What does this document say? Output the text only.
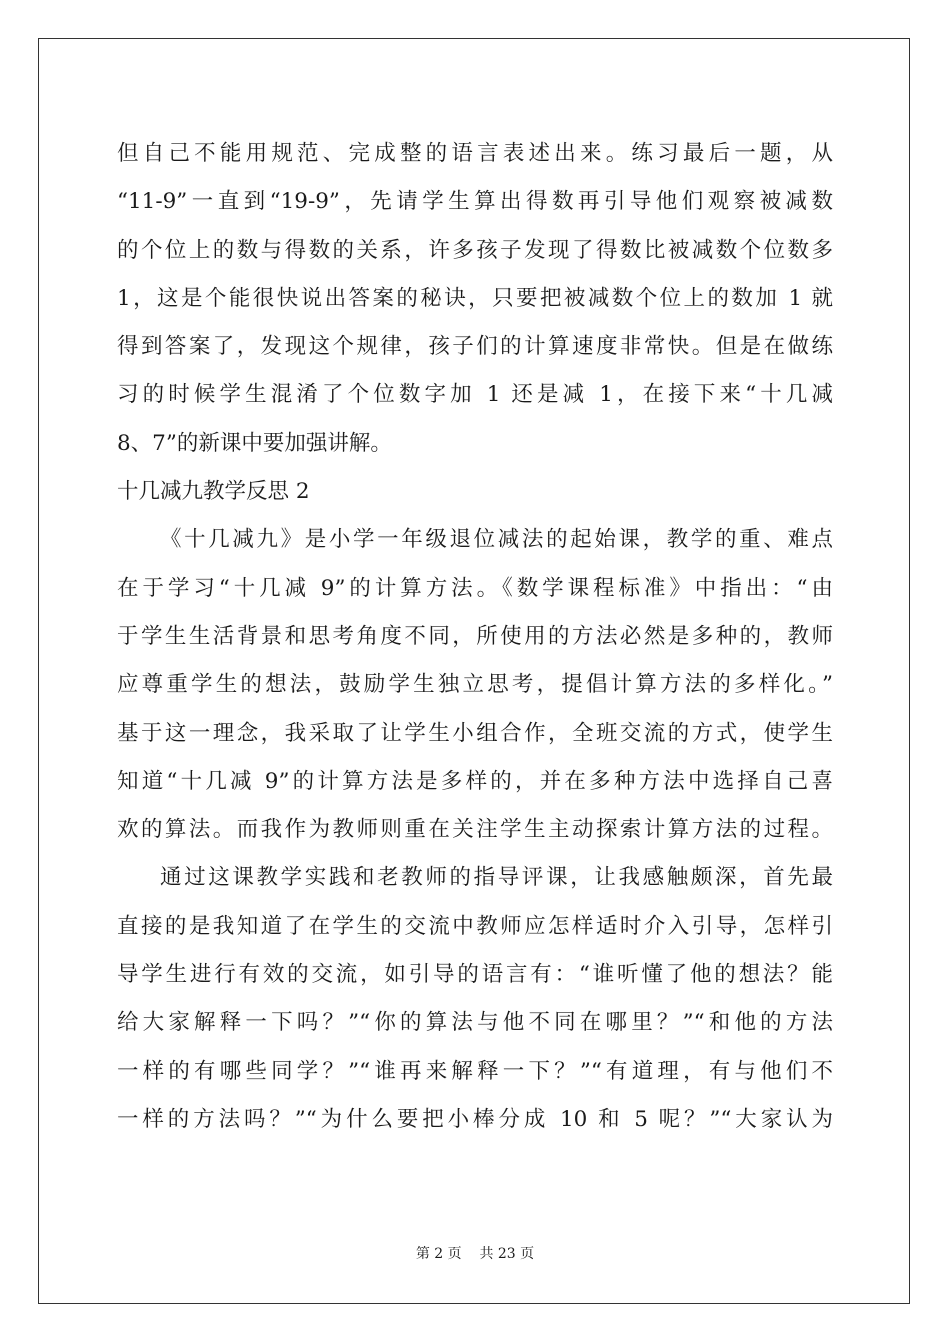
但自己不能用规范、完成整的语言表述出来。练习最后一题，从
“11-9”一直到“19-9”，先请学生算出得数再引导他们观察被减数
的个位上的数与得数的关系，许多孩子发现了得数比被减数个位数多
1，这是个能很快说出答案的秘诀，只要把被减数个位上的数加 1 就
得到答案了，发现这个规律，孩子们的计算速度非常快。但是在做练
习的时候学生混淆了个位数字加 1 还是减 1，在接下来“十几减
8、7”的新课中要加强讲解。
十几减九教学反思 2
《十几减九》是小学一年级退位减法的起始课，教学的重、难点
在于学习“十几减 9”的计算方法。《数学课程标准》中指出：“由
于学生生活背景和思考角度不同，所使用的方法必然是多种的，教师
应尊重学生的想法，鼓励学生独立思考，提倡计算方法的多样化。”
基于这一理念，我采取了让学生小组合作，全班交流的方式，使学生
知道“十几减 9”的计算方法是多样的，并在多种方法中选择自己喜
欢的算法。而我作为教师则重在关注学生主动探索计算方法的过程。
通过这课教学实践和老教师的指导评课，让我感触颇深，首先最
直接的是我知道了在学生的交流中教师应怎样适时介入引导，怎样引
导学生进行有效的交流，如引导的语言有：“谁听懂了他的想法？能
给大家解释一下吗？”“你的算法与他不同在哪里？”“和他的方法
一样的有哪些同学？”“谁再来解释一下？”“有道理，有与他们不
一样的方法吗？”“为什么要把小棒分成 10 和 5 呢？”“大家认为
第 2 页 共 23 页
